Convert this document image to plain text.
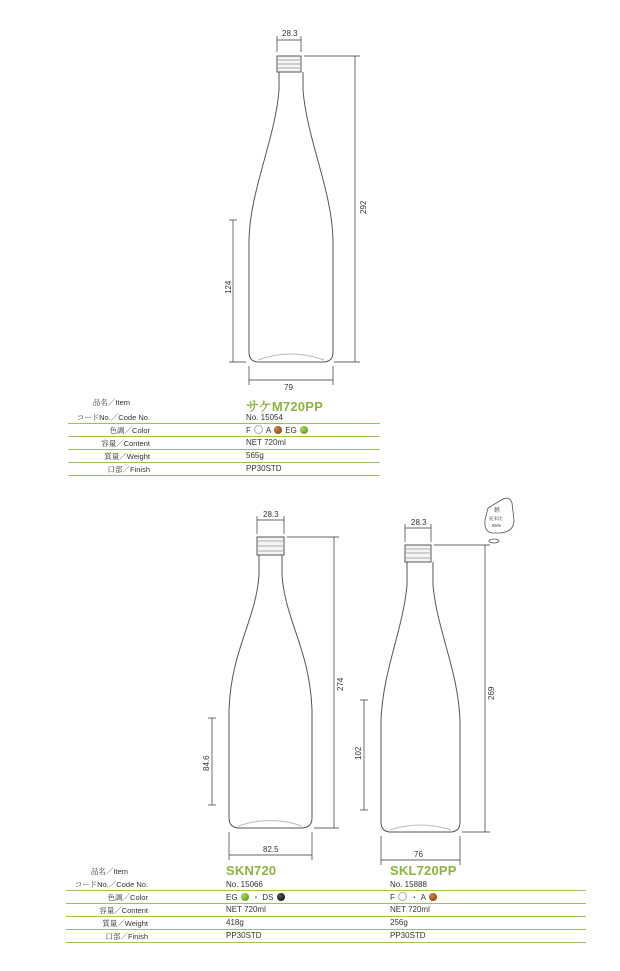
28.3
292
124
79
28.3
274
84.6
82.5
28.3
269
102
76
軽
従来比
55%
品名／Item
コードNo.／Code No.
色調／Color
容量／Content
質量／Weight
口部／Finish
サケM720PP
No. 15054
F A EG
NET 720ml
565g
PP30STD
品名／Item
コードNo.／Code No.
色調／Color
容量／Content
質量／Weight
口部／Finish
SKN720
No. 15066
EG ・ DS
NET 720ml
418g
PP30STD
SKL720PP
No. 15888
F ・ A
NET 720ml
256g
PP30STD
